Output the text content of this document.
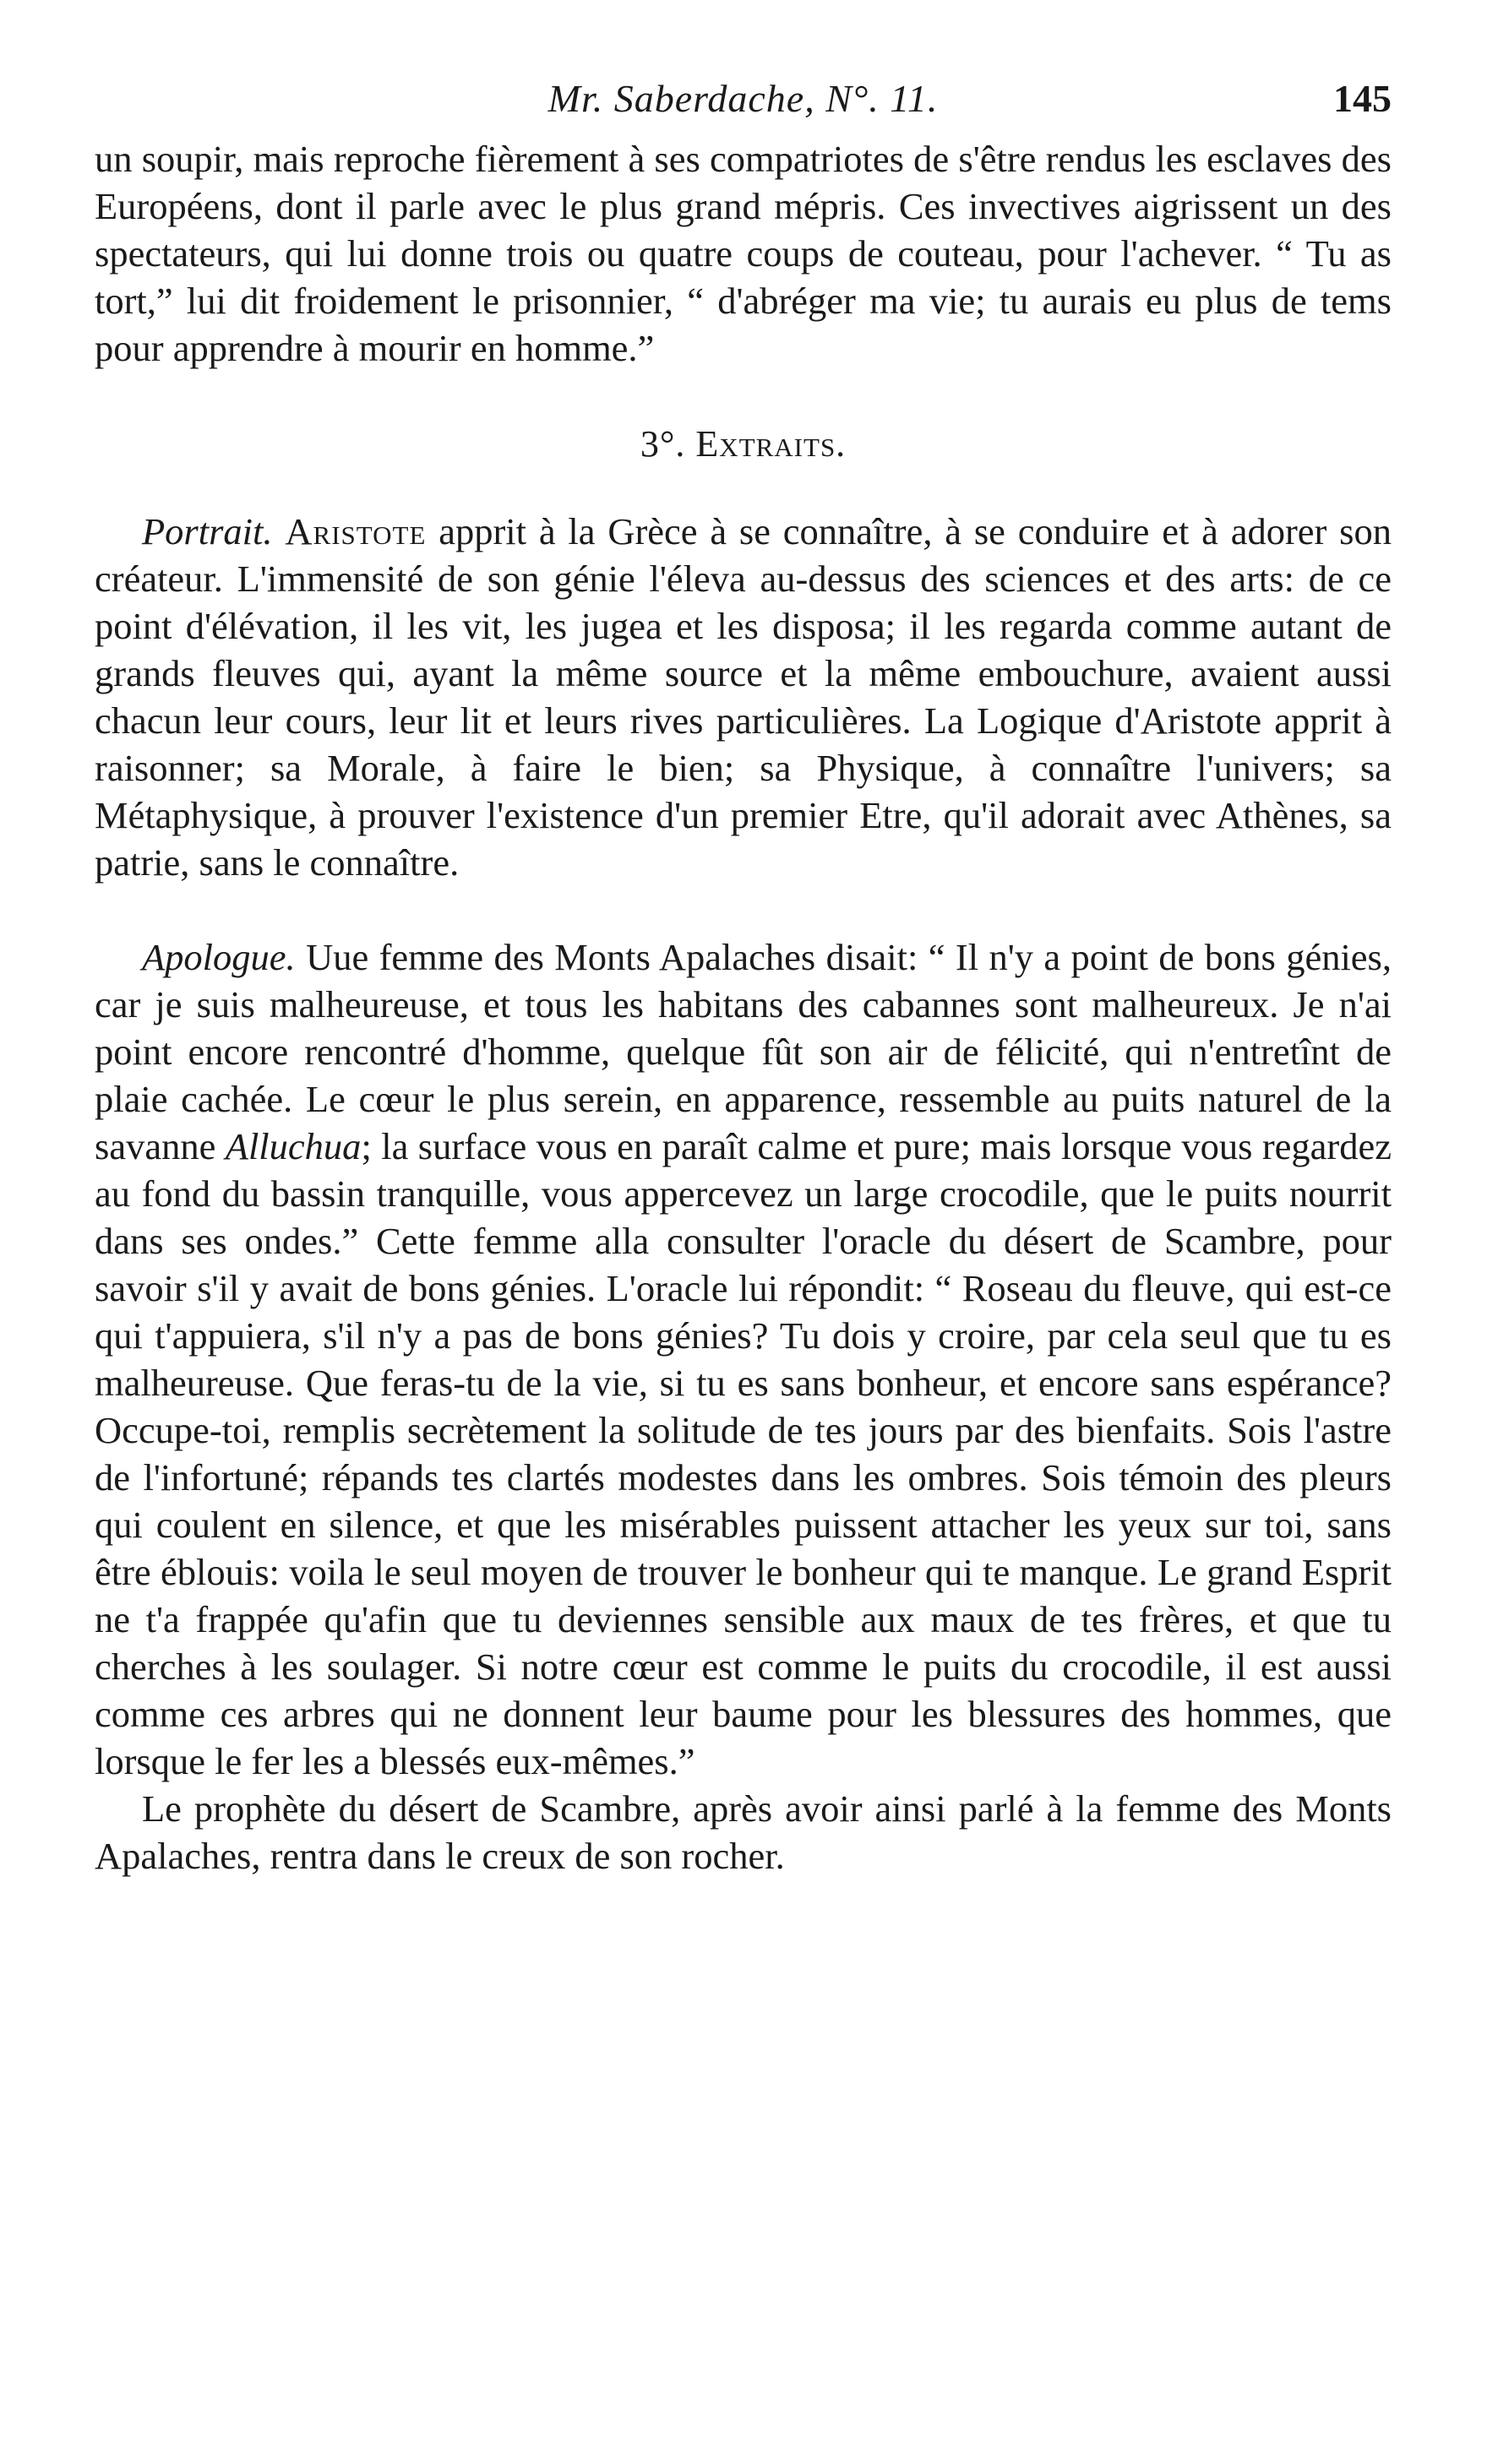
Mr. Saberdache, N°. 11.	145

un soupir, mais reproche fièrement à ses compatriotes de s'être rendus les esclaves des Européens, dont il parle avec le plus grand mépris. Ces invectives aigrissent un des spectateurs, qui lui donne trois ou quatre coups de couteau, pour l'achever. “ Tu as tort,” lui dit froidement le prisonnier, “ d'abréger ma vie; tu aurais eu plus de tems pour apprendre à mourir en homme.”

3°. Extraits.

Portrait. Aristote apprit à la Grèce à se connaître, à se conduire et à adorer son créateur. L'immensité de son génie l'éleva au-dessus des sciences et des arts: de ce point d'élévation, il les vit, les jugea et les disposa; il les regarda comme autant de grands fleuves qui, ayant la même source et la même embouchure, avaient aussi chacun leur cours, leur lit et leurs rives particulières. La Logique d'Aristote apprit à raisonner; sa Morale, à faire le bien; sa Physique, à connaître l'univers; sa Métaphysique, à prouver l'existence d'un premier Etre, qu'il adorait avec Athènes, sa patrie, sans le connaître.

Apologue. Uue femme des Monts Apalaches disait: “ Il n'y a point de bons génies, car je suis malheureuse, et tous les habitans des cabannes sont malheureux. Je n'ai point encore rencontré d'homme, quelque fût son air de félicité, qui n'entretînt de plaie cachée. Le cœur le plus serein, en apparence, ressemble au puits naturel de la savanne Alluchua; la surface vous en paraît calme et pure; mais lorsque vous regardez au fond du bassin tranquille, vous appercevez un large crocodile, que le puits nourrit dans ses ondes.” Cette femme alla consulter l'oracle du désert de Scambre, pour savoir s'il y avait de bons génies. L'oracle lui répondit: “ Roseau du fleuve, qui est-ce qui t'appuiera, s'il n'y a pas de bons génies? Tu dois y croire, par cela seul que tu es malheureuse. Que feras-tu de la vie, si tu es sans bonheur, et encore sans espérance? Occupe-toi, remplis secrètement la solitude de tes jours par des bienfaits. Sois l'astre de l'infortuné; répands tes clartés modestes dans les ombres. Sois témoin des pleurs qui coulent en silence, et que les misérables puissent attacher les yeux sur toi, sans être éblouis: voila le seul moyen de trouver le bonheur qui te manque. Le grand Esprit ne t'a frappée qu'afin que tu deviennes sensible aux maux de tes frères, et que tu cherches à les soulager. Si notre cœur est comme le puits du crocodile, il est aussi comme ces arbres qui ne donnent leur baume pour les blessures des hommes, que lorsque le fer les a blessés eux-mêmes.”

Le prophète du désert de Scambre, après avoir ainsi parlé à la femme des Monts Apalaches, rentra dans le creux de son rocher.
